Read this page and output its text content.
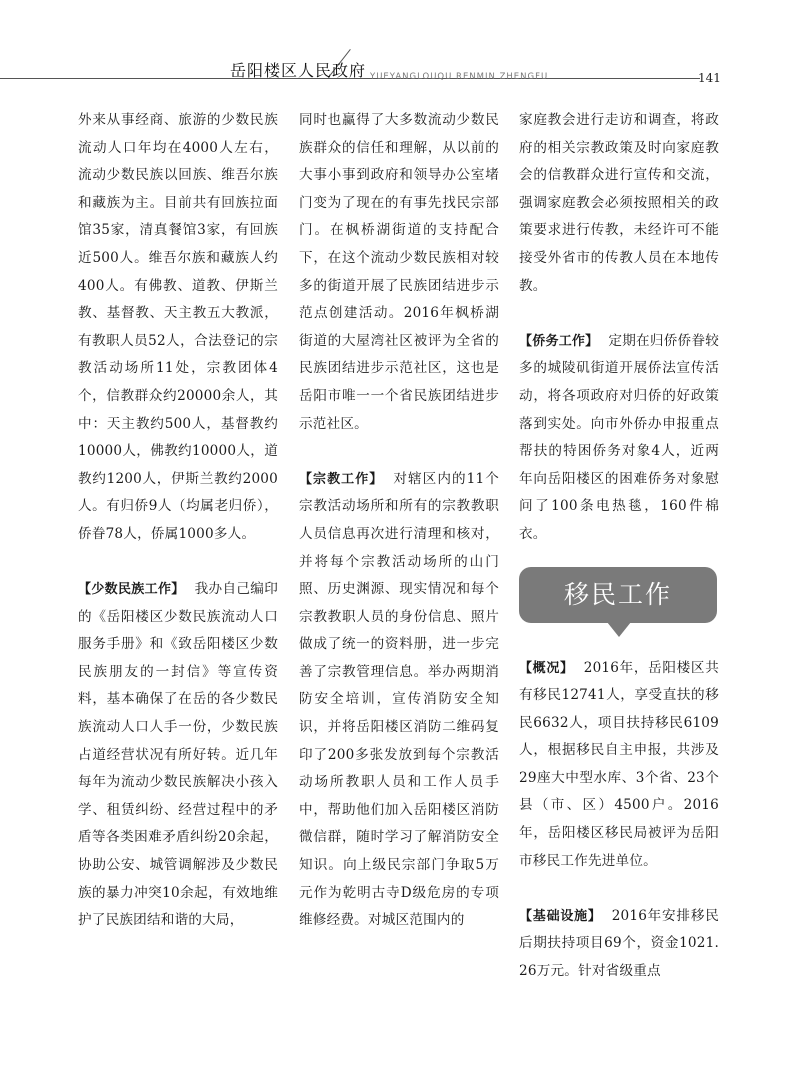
岳阳楼区人民政府 YUEYANGLOUQU RENMIN ZHENGFU	141

外来从事经商、旅游的少数民族流动人口年均在4000人左右，流动少数民族以回族、维吾尔族和藏族为主。目前共有回族拉面馆35家，清真餐馆3家，有回族近500人。维吾尔族和藏族人约400人。有佛教、道教、伊斯兰教、基督教、天主教五大教派，有教职人员52人，合法登记的宗教活动场所11处，宗教团体4个，信教群众约20000余人，其中：天主教约500人，基督教约10000人，佛教约10000人，道教约1200人，伊斯兰教约2000人。有归侨9人（均属老归侨），侨眷78人，侨属1000多人。

【少数民族工作】 我办自己编印的《岳阳楼区少数民族流动人口服务手册》和《致岳阳楼区少数民族朋友的一封信》等宣传资料，基本确保了在岳的各少数民族流动人口人手一份，少数民族占道经营状况有所好转。近几年每年为流动少数民族解决小孩入学、租赁纠纷、经营过程中的矛盾等各类困难矛盾纠纷20余起，协助公安、城管调解涉及少数民族的暴力冲突10余起，有效地维护了民族团结和谐的大局，

同时也赢得了大多数流动少数民族群众的信任和理解，从以前的大事小事到政府和领导办公室堵门变为了现在的有事先找民宗部门。在枫桥湖街道的支持配合下，在这个流动少数民族相对较多的街道开展了民族团结进步示范点创建活动。2016年枫桥湖街道的大屋湾社区被评为全省的民族团结进步示范社区，这也是岳阳市唯一一个省民族团结进步示范社区。

【宗教工作】 对辖区内的11个宗教活动场所和所有的宗教教职人员信息再次进行清理和核对，并将每个宗教活动场所的山门照、历史渊源、现实情况和每个宗教教职人员的身份信息、照片做成了统一的资料册，进一步完善了宗教管理信息。举办两期消防安全培训，宣传消防安全知识，并将岳阳楼区消防二维码复印了200多张发放到每个宗教活动场所教职人员和工作人员手中，帮助他们加入岳阳楼区消防微信群，随时学习了解消防安全知识。向上级民宗部门争取5万元作为乾明古寺D级危房的专项维修经费。对城区范围内的

家庭教会进行走访和调查，将政府的相关宗教政策及时向家庭教会的信教群众进行宣传和交流，强调家庭教会必须按照相关的政策要求进行传教，未经许可不能接受外省市的传教人员在本地传教。

【侨务工作】 定期在归侨侨眷较多的城陵矶街道开展侨法宣传活动，将各项政府对归侨的好政策落到实处。向市外侨办申报重点帮扶的特困侨务对象4人，近两年向岳阳楼区的困难侨务对象慰问了100条电热毯，160件棉衣。

移民工作

【概况】 2016年，岳阳楼区共有移民12741人，享受直扶的移民6632人，项目扶持移民6109人，根据移民自主申报，共涉及29座大中型水库、3个省、23个县（市、区）4500户。2016年，岳阳楼区移民局被评为岳阳市移民工作先进单位。

【基础设施】 2016年安排移民后期扶持项目69个，资金1021.26万元。针对省级重点
